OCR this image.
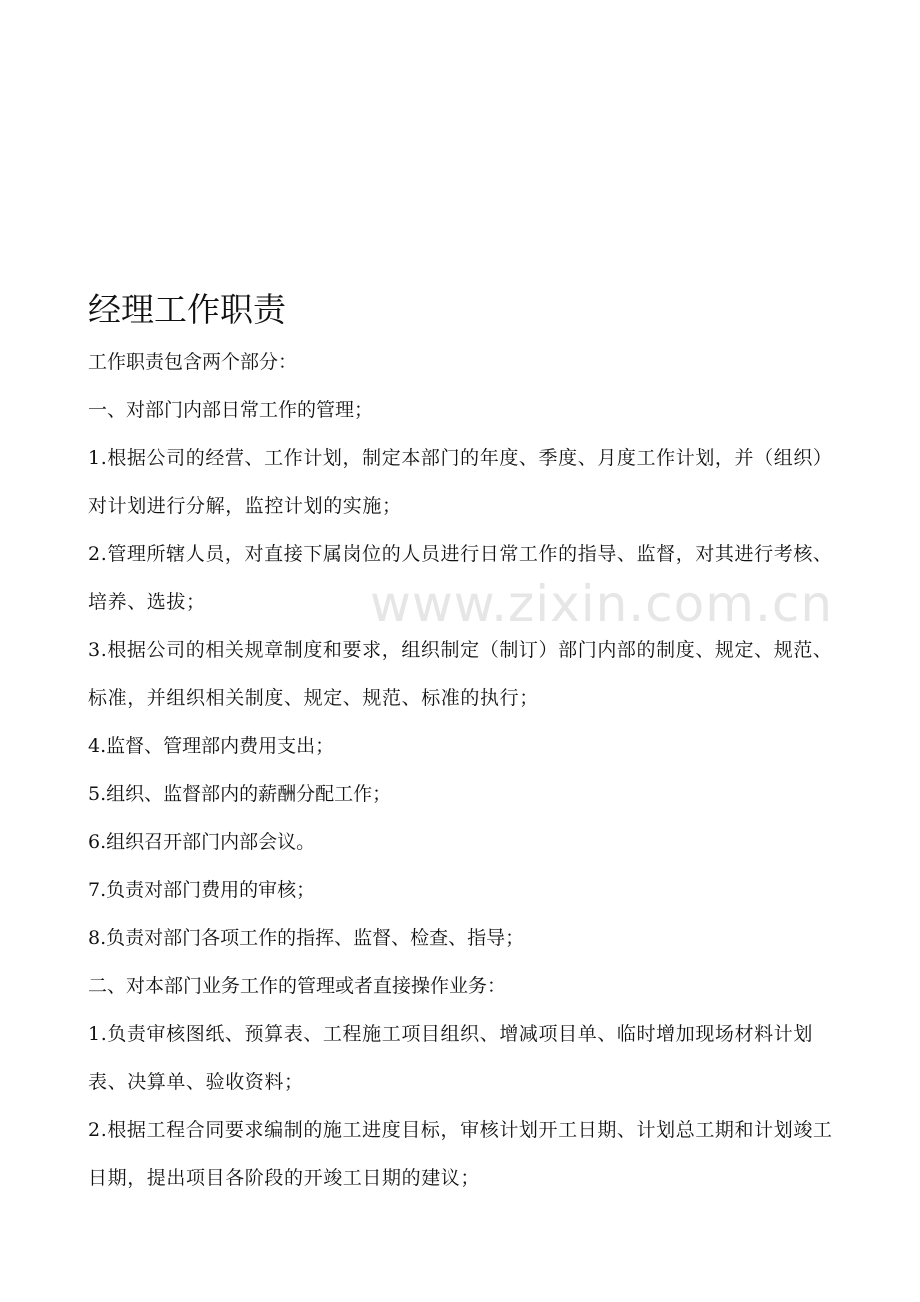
www.zixin.com.cn
经理工作职责

工作职责包含两个部分：

一、对部门内部日常工作的管理；

1.根据公司的经营、工作计划，制定本部门的年度、季度、月度工作计划，并（组织）对计划进行分解，监控计划的实施；

2.管理所辖人员，对直接下属岗位的人员进行日常工作的指导、监督，对其进行考核、培养、选拔；

3.根据公司的相关规章制度和要求，组织制定（制订）部门内部的制度、规定、规范、标准，并组织相关制度、规定、规范、标准的执行；

4.监督、管理部内费用支出；

5.组织、监督部内的薪酬分配工作；

6.组织召开部门内部会议。

7.负责对部门费用的审核；

8.负责对部门各项工作的指挥、监督、检查、指导；

二、对本部门业务工作的管理或者直接操作业务：

1.负责审核图纸、预算表、工程施工项目组织、增减项目单、临时增加现场材料计划表、决算单、验收资料；

2.根据工程合同要求编制的施工进度目标，审核计划开工日期、计划总工期和计划竣工日期，提出项目各阶段的开竣工日期的建议；
